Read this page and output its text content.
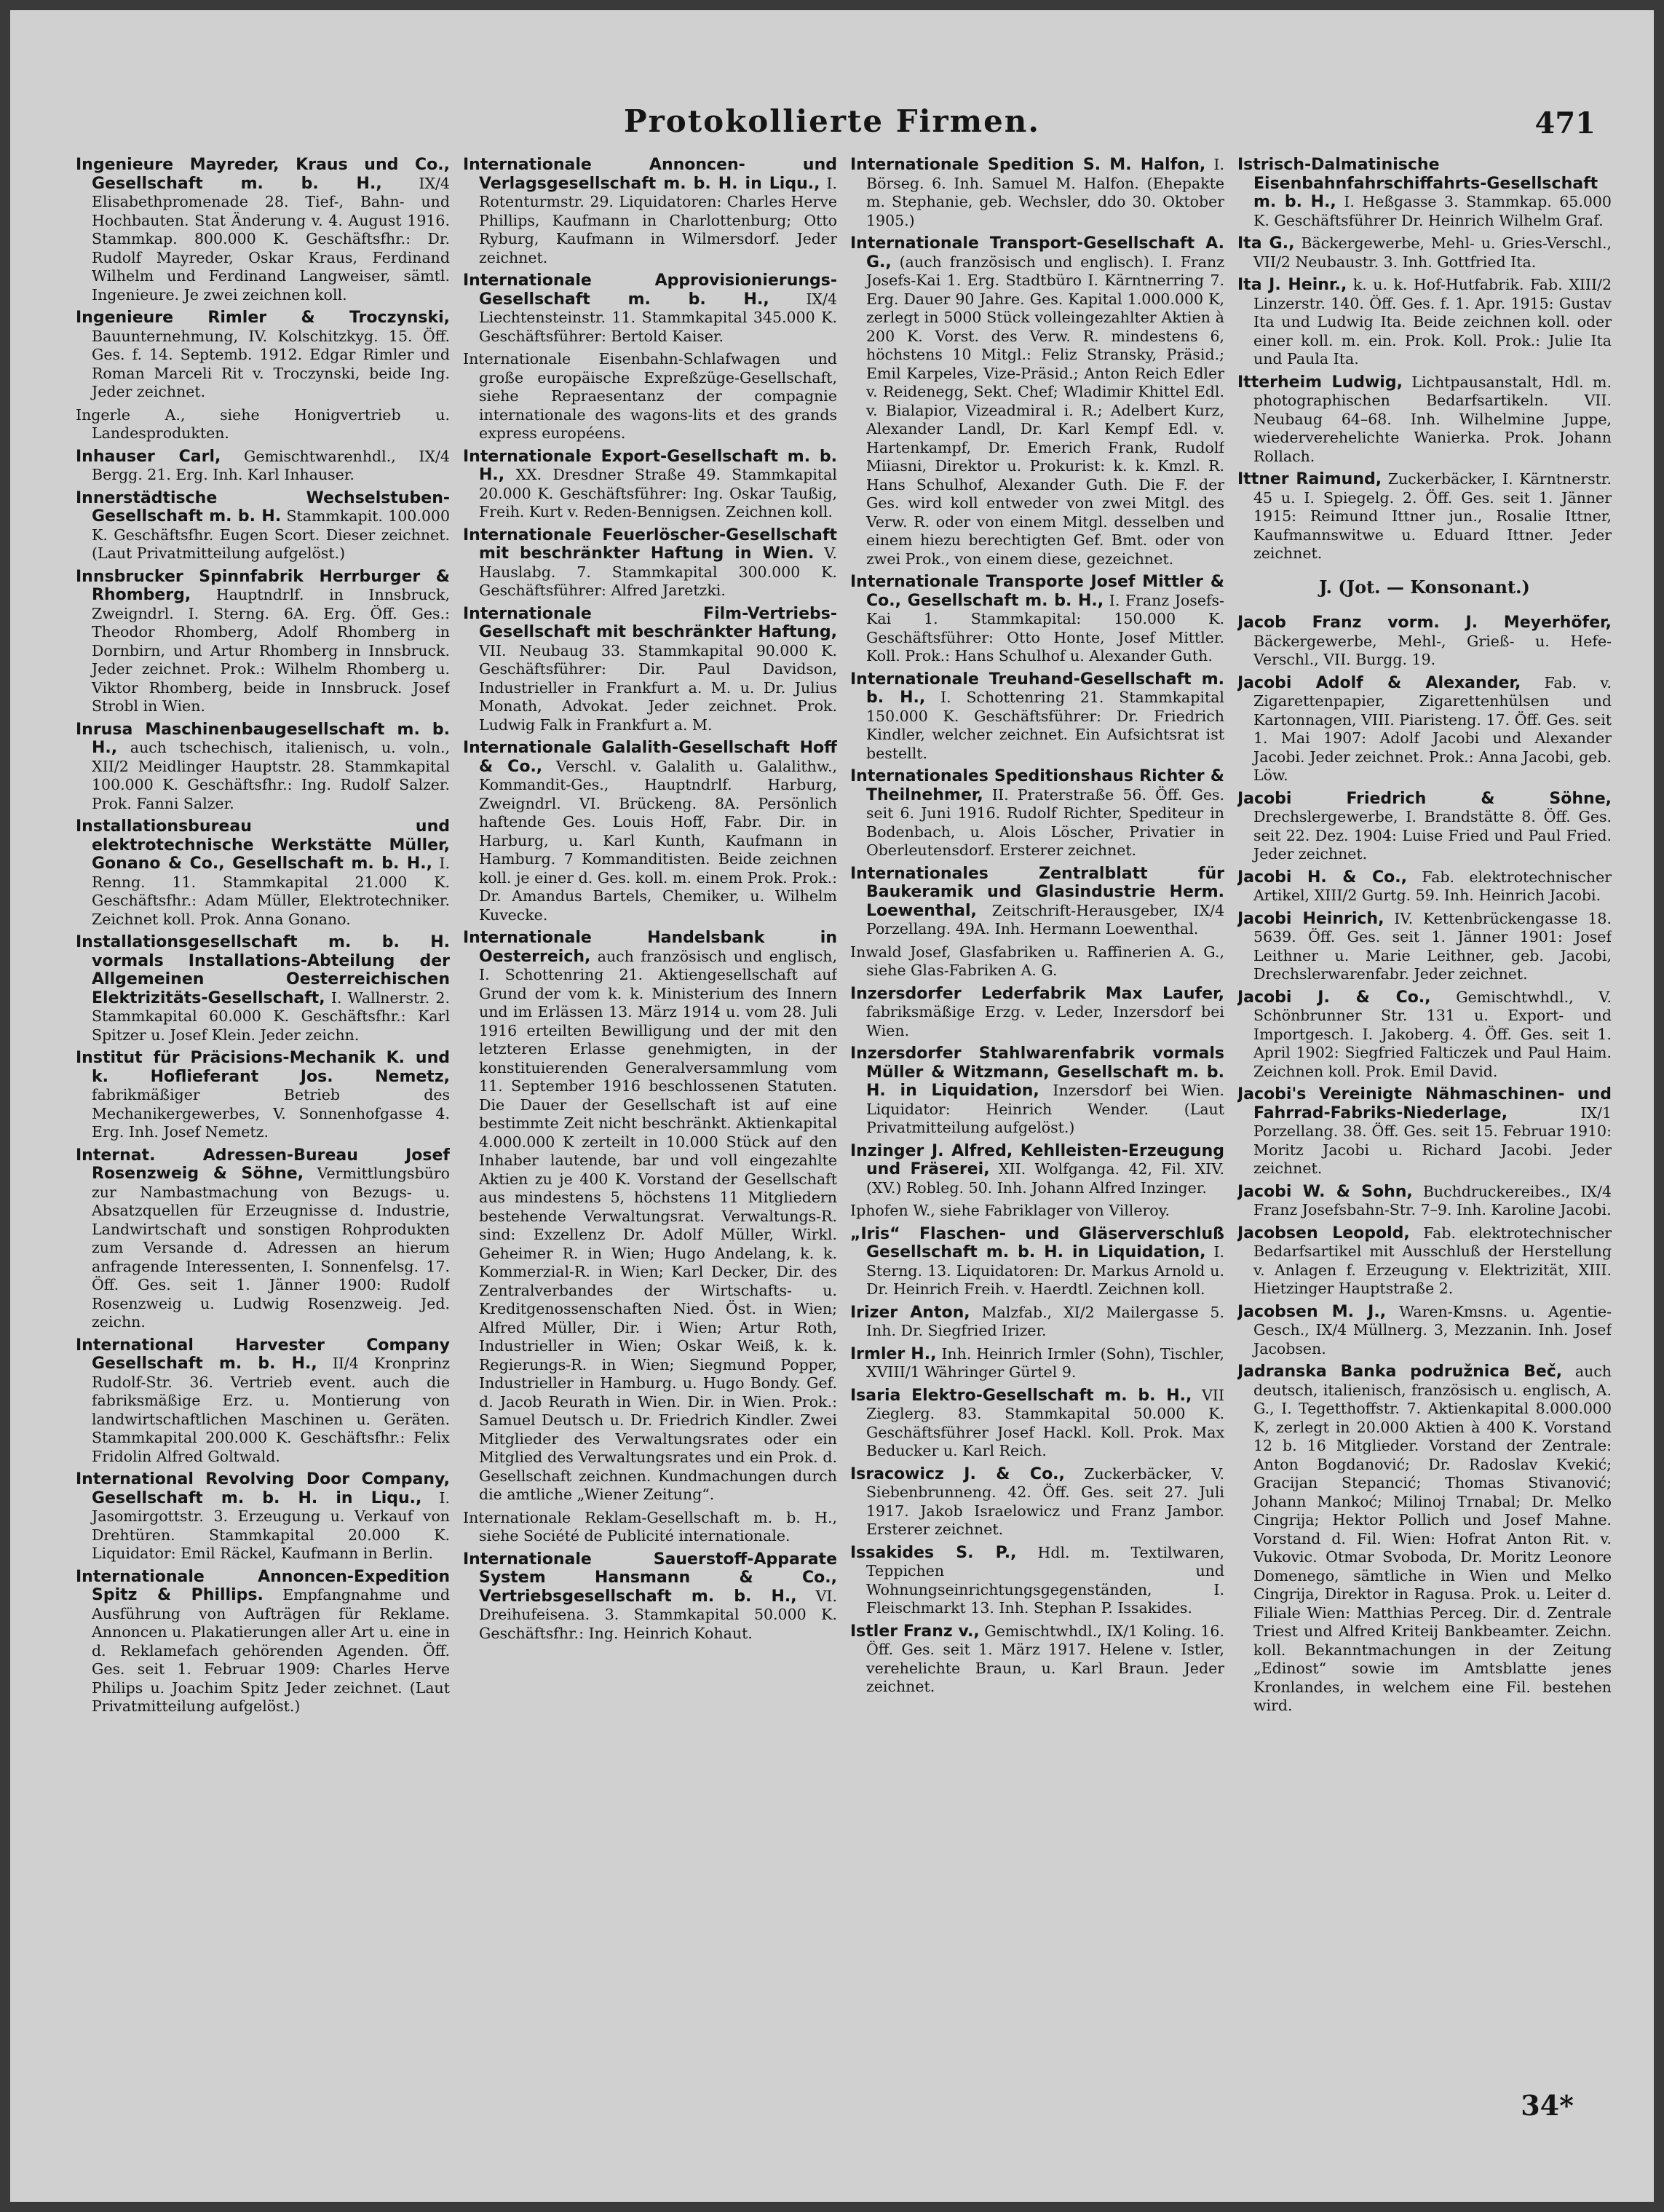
Protokollierte Firmen.	471

Ingenieure Mayreder, Kraus und Co., Gesellschaft m. b. H., IX/4 Elisabethpromenade 28. Tief-, Bahn- und Hochbauten. Stat Änderung v. 4. August 1916. Stammkap. 800.000 K. Geschäftsfhr.: Dr. Rudolf Mayreder, Oskar Kraus, Ferdinand Wilhelm und Ferdinand Langweiser, sämtl. Ingenieure. Je zwei zeichnen koll.

Ingenieure Rimler & Troczynski, Bauunternehmung, IV. Kolschitzkyg. 15. Öff. Ges. f. 14. Septemb. 1912. Edgar Rimler und Roman Marceli Rit v. Troczynski, beide Ing. Jeder zeichnet.

Ingerle A., siehe Honigvertrieb u. Landesprodukten.

Inhauser Carl, Gemischtwarenhdl., IX/4 Bergg. 21. Erg. Inh. Karl Inhauser.

Innerstädtische Wechselstuben-Gesellschaft m. b. H. Stammkapit. 100.000 K. Geschäftsfhr. Eugen Scort. Dieser zeichnet. (Laut Privatmitteilung aufgelöst.)

Innsbrucker Spinnfabrik Herrburger & Rhomberg, Hauptndrlf. in Innsbruck, Zweigndrl. I. Sterng. 6A. Erg. Öff. Ges.: Theodor Rhomberg, Adolf Rhomberg in Dornbirn, und Artur Rhomberg in Innsbruck. Jeder zeichnet. Prok.: Wilhelm Rhomberg u. Viktor Rhomberg, beide in Innsbruck. Josef Strobl in Wien.

Inrusa Maschinenbaugesellschaft m. b. H., auch tschechisch, italienisch, u. voln., XII/2 Meidlinger Hauptstr. 28. Stammkapital 100.000 K. Geschäftsfhr.: Ing. Rudolf Salzer. Prok. Fanni Salzer.

Installationsbureau und elektrotechnische Werkstätte Müller, Gonano & Co., Gesellschaft m. b. H., I. Renng. 11. Stammkapital 21.000 K. Geschäftsfhr.: Adam Müller, Elektrotechniker. Zeichnet koll. Prok. Anna Gonano.

Installationsgesellschaft m. b. H. vormals Installations-Abteilung der Allgemeinen Oesterreichischen Elektrizitäts-Gesellschaft, I. Wallnerstr. 2. Stammkapital 60.000 K. Geschäftsfhr.: Karl Spitzer u. Josef Klein. Jeder zeichn.

Institut für Präcisions-Mechanik K. und k. Hoflieferant Jos. Nemetz, fabrikmäßiger Betrieb des Mechanikergewerbes, V. Sonnenhofgasse 4. Erg. Inh. Josef Nemetz.

Internat. Adressen-Bureau Josef Rosenzweig & Söhne, Vermittlungsbüro zur Nambastmachung von Bezugs- u. Absatzquellen für Erzeugnisse d. Industrie, Landwirtschaft und sonstigen Rohprodukten zum Versande d. Adressen an hierum anfragende Interessenten, I. Sonnenfelsg. 17. Öff. Ges. seit 1. Jänner 1900: Rudolf Rosenzweig u. Ludwig Rosenzweig. Jed. zeichn.

International Harvester Company Gesellschaft m. b. H., II/4 Kronprinz Rudolf-Str. 36. Vertrieb event. auch die fabriksmäßige Erz. u. Montierung von landwirtschaftlichen Maschinen u. Geräten. Stammkapital 200.000 K. Geschäftsfhr.: Felix Fridolin Alfred Goltwald.

International Revolving Door Company, Gesellschaft m. b. H. in Liqu., I. Jasomirgottstr. 3. Erzeugung u. Verkauf von Drehtüren. Stammkapital 20.000 K. Liquidator: Emil Räckel, Kaufmann in Berlin.

Internationale Annoncen-Expedition Spitz & Phillips. Empfangnahme und Ausführung von Aufträgen für Reklame. Annoncen u. Plakatierungen aller Art u. eine in d. Reklamefach gehörenden Agenden. Öff. Ges. seit 1. Februar 1909: Charles Herve Philips u. Joachim Spitz Jeder zeichnet. (Laut Privatmitteilung aufgelöst.)

Internationale Annoncen- und Verlagsgesellschaft m. b. H. in Liqu., I. Rotenturmstr. 29. Liquidatoren: Charles Herve Phillips, Kaufmann in Charlottenburg; Otto Ryburg, Kaufmann in Wilmersdorf. Jeder zeichnet.

Internationale Approvisionierungs-Gesellschaft m. b. H., IX/4 Liechtensteinstr. 11. Stammkapital 345.000 K. Geschäftsführer: Bertold Kaiser.

Internationale Eisenbahn-Schlafwagen und große europäische Expreßzüge-Gesellschaft, siehe Repraesentanz der compagnie internationale des wagons-lits et des grands express européens.

Internationale Export-Gesellschaft m. b. H., XX. Dresdner Straße 49. Stammkapital 20.000 K. Geschäftsführer: Ing. Oskar Taußig, Freih. Kurt v. Reden-Bennigsen. Zeichnen koll.

Internationale Feuerlöscher-Gesellschaft mit beschränkter Haftung in Wien. V. Hauslabg. 7. Stammkapital 300.000 K. Geschäftsführer: Alfred Jaretzki.

Internationale Film-Vertriebs-Gesellschaft mit beschränkter Haftung, VII. Neubaug 33. Stammkapital 90.000 K. Geschäftsführer: Dir. Paul Davidson, Industrieller in Frankfurt a. M. u. Dr. Julius Monath, Advokat. Jeder zeichnet. Prok. Ludwig Falk in Frankfurt a. M.

Internationale Galalith-Gesellschaft Hoff & Co., Verschl. v. Galalith u. Galalithw., Kommandit-Ges., Hauptndrlf. Harburg, Zweigndrl. VI. Brückeng. 8A. Persönlich haftende Ges. Louis Hoff, Fabr. Dir. in Harburg, u. Karl Kunth, Kaufmann in Hamburg. 7 Kommanditisten. Beide zeichnen koll. je einer d. Ges. koll. m. einem Prok. Prok.: Dr. Amandus Bartels, Chemiker, u. Wilhelm Kuvecke.

Internationale Handelsbank in Oesterreich, auch französisch und englisch, I. Schottenring 21. Aktiengesellschaft auf Grund der vom k. k. Ministerium des Innern und im Erlässen 13. März 1914 u. vom 28. Juli 1916 erteilten Bewilligung und der mit den letzteren Erlasse genehmigten, in der konstituierenden Generalversammlung vom 11. September 1916 beschlossenen Statuten. Die Dauer der Gesellschaft ist auf eine bestimmte Zeit nicht beschränkt. Aktienkapital 4.000.000 K zerteilt in 10.000 Stück auf den Inhaber lautende, bar und voll eingezahlte Aktien zu je 400 K. Vorstand der Gesellschaft aus mindestens 5, höchstens 11 Mitgliedern bestehende Verwaltungsrat. Verwaltungs-R. sind: Exzellenz Dr. Adolf Müller, Wirkl. Geheimer R. in Wien; Hugo Andelang, k. k. Kommerzial-R. in Wien; Karl Decker, Dir. des Zentralverbandes der Wirtschafts- u. Kreditgenossenschaften Nied. Öst. in Wien; Alfred Müller, Dir. i Wien; Artur Roth, Industrieller in Wien; Oskar Weiß, k. k. Regierungs-R. in Wien; Siegmund Popper, Industrieller in Hamburg. u. Hugo Bondy. Gef. d. Jacob Reurath in Wien. Dir. in Wien. Prok.: Samuel Deutsch u. Dr. Friedrich Kindler. Zwei Mitglieder des Verwaltungsrates oder ein Mitglied des Verwaltungsrates und ein Prok. d. Gesellschaft zeichnen. Kundmachungen durch die amtliche „Wiener Zeitung“.

Internationale Reklam-Gesellschaft m. b. H., siehe Société de Publicité internationale.

Internationale Sauerstoff-Apparate System Hansmann & Co., Vertriebsgesellschaft m. b. H., VI. Dreihufeisena. 3. Stammkapital 50.000 K. Geschäftsfhr.: Ing. Heinrich Kohaut.

Internationale Spedition S. M. Halfon, I. Börseg. 6. Inh. Samuel M. Halfon. (Ehepakte m. Stephanie, geb. Wechsler, ddo 30. Oktober 1905.)

Internationale Transport-Gesellschaft A. G., (auch französisch und englisch). I. Franz Josefs-Kai 1. Erg. Stadtbüro I. Kärntnerring 7. Erg. Dauer 90 Jahre. Ges. Kapital 1.000.000 K, zerlegt in 5000 Stück volleingezahlter Aktien à 200 K. Vorst. des Verw. R. mindestens 6, höchstens 10 Mitgl.: Feliz Stransky, Präsid.; Emil Karpeles, Vize-Präsid.; Anton Reich Edler v. Reidenegg, Sekt. Chef; Wladimir Khittel Edl. v. Bialapior, Vizeadmiral i. R.; Adelbert Kurz, Alexander Landl, Dr. Karl Kempf Edl. v. Hartenkampf, Dr. Emerich Frank, Rudolf Miiasni, Direktor u. Prokurist: k. k. Kmzl. R. Hans Schulhof, Alexander Guth. Die F. der Ges. wird koll entweder von zwei Mitgl. des Verw. R. oder von einem Mitgl. desselben und einem hiezu berechtigten Gef. Bmt. oder von zwei Prok., von einem diese, gezeichnet.

Internationale Transporte Josef Mittler & Co., Gesellschaft m. b. H., I. Franz Josefs-Kai 1. Stammkapital: 150.000 K. Geschäftsführer: Otto Honte, Josef Mittler. Koll. Prok.: Hans Schulhof u. Alexander Guth.

Internationale Treuhand-Gesellschaft m. b. H., I. Schottenring 21. Stammkapital 150.000 K. Geschäftsführer: Dr. Friedrich Kindler, welcher zeichnet. Ein Aufsichtsrat ist bestellt.

Internationales Speditionshaus Richter & Theilnehmer, II. Praterstraße 56. Öff. Ges. seit 6. Juni 1916. Rudolf Richter, Spediteur in Bodenbach, u. Alois Löscher, Privatier in Oberleutensdorf. Ersterer zeichnet.

Internationales Zentralblatt für Baukeramik und Glasindustrie Herm. Loewenthal, Zeitschrift-Herausgeber, IX/4 Porzellang. 49A. Inh. Hermann Loewenthal.

Inwald Josef, Glasfabriken u. Raffinerien A. G., siehe Glas-Fabriken A. G.

Inzersdorfer Lederfabrik Max Laufer, fabriksmäßige Erzg. v. Leder, Inzersdorf bei Wien.

Inzersdorfer Stahlwarenfabrik vormals Müller & Witzmann, Gesellschaft m. b. H. in Liquidation, Inzersdorf bei Wien. Liquidator: Heinrich Wender. (Laut Privatmitteilung aufgelöst.)

Inzinger J. Alfred, Kehlleisten-Erzeugung und Fräserei, XII. Wolfganga. 42, Fil. XIV. (XV.) Robleg. 50. Inh. Johann Alfred Inzinger.

Iphofen W., siehe Fabriklager von Villeroy.

„Iris“ Flaschen- und Gläserverschluß Gesellschaft m. b. H. in Liquidation, I. Sterng. 13. Liquidatoren: Dr. Markus Arnold u. Dr. Heinrich Freih. v. Haerdtl. Zeichnen koll.

Irizer Anton, Malzfab., XI/2 Mailergasse 5. Inh. Dr. Siegfried Irizer.

Irmler H., Inh. Heinrich Irmler (Sohn), Tischler, XVIII/1 Währinger Gürtel 9.

Isaria Elektro-Gesellschaft m. b. H., VII Zieglerg. 83. Stammkapital 50.000 K. Geschäftsführer Josef Hackl. Koll. Prok. Max Beducker u. Karl Reich.

Isracowicz J. & Co., Zuckerbäcker, V. Siebenbrunneng. 42. Öff. Ges. seit 27. Juli 1917. Jakob Israelowicz und Franz Jambor. Ersterer zeichnet.

Issakides S. P., Hdl. m. Textilwaren, Teppichen und Wohnungseinrichtungsgegenständen, I. Fleischmarkt 13. Inh. Stephan P. Issakides.

Istler Franz v., Gemischtwhdl., IX/1 Koling. 16. Öff. Ges. seit 1. März 1917. Helene v. Istler, verehelichte Braun, u. Karl Braun. Jeder zeichnet.

Istrisch-Dalmatinische Eisenbahnfahrschiffahrts-Gesellschaft m. b. H., I. Heßgasse 3. Stammkap. 65.000 K. Geschäftsführer Dr. Heinrich Wilhelm Graf.

Ita G., Bäckergewerbe, Mehl- u. Gries-Verschl., VII/2 Neubaustr. 3. Inh. Gottfried Ita.

Ita J. Heinr., k. u. k. Hof-Hutfabrik. Fab. XIII/2 Linzerstr. 140. Öff. Ges. f. 1. Apr. 1915: Gustav Ita und Ludwig Ita. Beide zeichnen koll. oder einer koll. m. ein. Prok. Koll. Prok.: Julie Ita und Paula Ita.

Itterheim Ludwig, Lichtpausanstalt, Hdl. m. photographischen Bedarfsartikeln. VII. Neubaug 64–68. Inh. Wilhelmine Juppe, wiederverehelichte Wanierka. Prok. Johann Rollach.

Ittner Raimund, Zuckerbäcker, I. Kärntnerstr. 45 u. I. Spiegelg. 2. Öff. Ges. seit 1. Jänner 1915: Reimund Ittner jun., Rosalie Ittner, Kaufmannswitwe u. Eduard Ittner. Jeder zeichnet.

J. (Jot. — Konsonant.)

Jacob Franz vorm. J. Meyerhöfer, Bäckergewerbe, Mehl-, Grieß- u. Hefe-Verschl., VII. Burgg. 19.

Jacobi Adolf & Alexander, Fab. v. Zigarettenpapier, Zigarettenhülsen und Kartonnagen, VIII. Piaristeng. 17. Öff. Ges. seit 1. Mai 1907: Adolf Jacobi und Alexander Jacobi. Jeder zeichnet. Prok.: Anna Jacobi, geb. Löw.

Jacobi Friedrich & Söhne, Drechslergewerbe, I. Brandstätte 8. Öff. Ges. seit 22. Dez. 1904: Luise Fried und Paul Fried. Jeder zeichnet.

Jacobi H. & Co., Fab. elektrotechnischer Artikel, XIII/2 Gurtg. 59. Inh. Heinrich Jacobi.

Jacobi Heinrich, IV. Kettenbrückengasse 18. 5639. Öff. Ges. seit 1. Jänner 1901: Josef Leithner u. Marie Leithner, geb. Jacobi, Drechslerwarenfabr. Jeder zeichnet.

Jacobi J. & Co., Gemischtwhdl., V. Schönbrunner Str. 131 u. Export- und Importgesch. I. Jakoberg. 4. Öff. Ges. seit 1. April 1902: Siegfried Falticzek und Paul Haim. Zeichnen koll. Prok. Emil David.

Jacobi's Vereinigte Nähmaschinen- und Fahrrad-Fabriks-Niederlage,	IX/1 Porzellang. 38. Öff. Ges. seit 15. Februar 1910: Moritz Jacobi u. Richard Jacobi. Jeder zeichnet.

Jacobi W. & Sohn, Buchdruckereibes., IX/4 Franz Josefsbahn-Str. 7–9. Inh. Karoline Jacobi.

Jacobsen Leopold, Fab. elektrotechnischer Bedarfsartikel mit Ausschluß der Herstellung v. Anlagen f. Erzeugung v. Elektrizität, XIII. Hietzinger Hauptstraße 2.

Jacobsen M. J., Waren-Kmsns. u. Agentie-Gesch., IX/4 Müllnerg. 3, Mezzanin. Inh. Josef Jacobsen.

Jadranska Banka podružnica Beč, auch deutsch, italienisch, französisch u. englisch, A. G., I. Tegetthoffstr. 7. Aktienkapital 8.000.000 K, zerlegt in 20.000 Aktien à 400 K. Vorstand 12 b. 16 Mitglieder. Vorstand der Zentrale: Anton Bogdanović; Dr. Radoslav Kvekić; Gracijan Stepancić; Thomas Stivanović; Johann Mankoć; Milinoj Trnabal; Dr. Melko Cingrija; Hektor Pollich und Josef Mahne. Vorstand d. Fil. Wien: Hofrat Anton Rit. v. Vukovic. Otmar Svoboda, Dr. Moritz Leonore Domenego, sämtliche in Wien und Melko Cingrija, Direktor in Ragusa. Prok. u. Leiter d. Filiale Wien: Matthias Perceg. Dir. d. Zentrale Triest und Alfred Kriteij Bankbeamter. Zeichn. koll. Bekanntmachungen in der Zeitung „Edinost“ sowie im Amtsblatte jenes Kronlandes, in welchem eine Fil. bestehen wird.

34*
